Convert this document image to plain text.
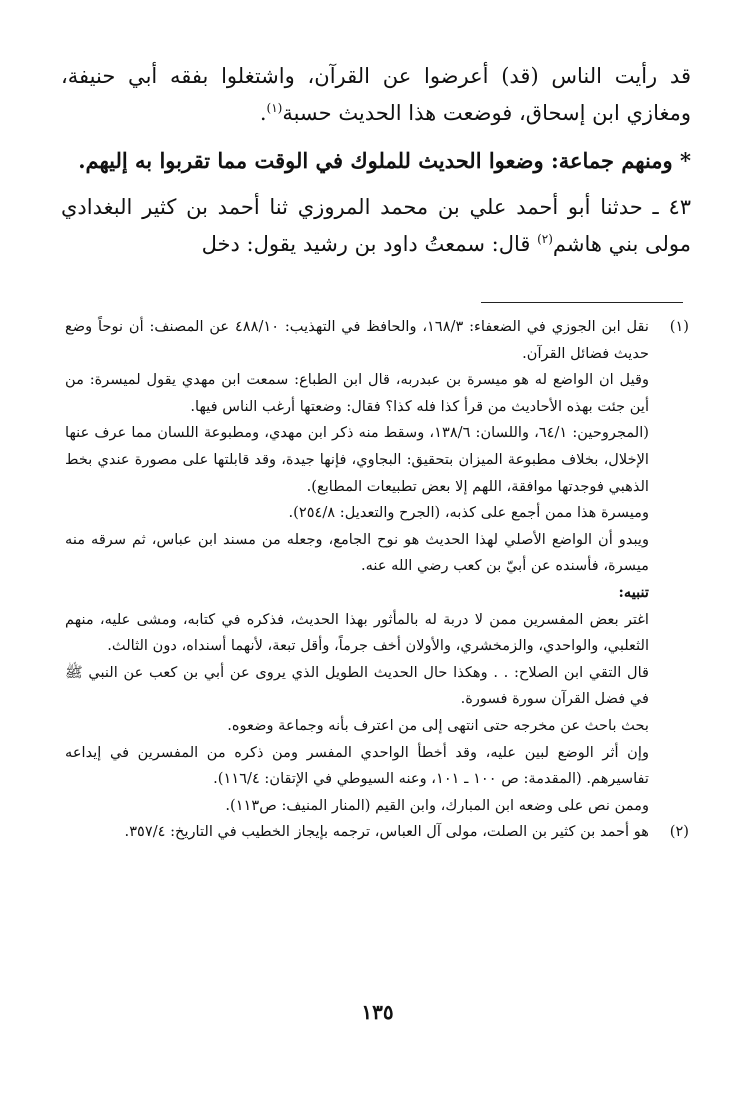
قد رأيت الناس (قد) أعرضوا عن القرآن، واشتغلوا بفقه أبي حنيفة، ومغازي ابن إسحاق، فوضعت هذا الحديث حسبة$^{(١)}$.

* ومنهم جماعة: وضعوا الحديث للملوك في الوقت مما تقربوا به إليهم.

٤٣ ـ حدثنا أبو أحمد علي بن محمد المروزي ثنا أحمد بن كثير البغدادي مولى بني هاشم$^{(٢)}$ قال: سمعتُ داود بن رشيد يقول: دخل

(١)

نقل ابن الجوزي في الضعفاء: ١٦٨/٣، والحافظ في التهذيب: ٤٨٨/١٠ عن المصنف: أن نوحاً وضع حديث فضائل القرآن.

وقيل ان الواضع له هو ميسرة بن عبدربه، قال ابن الطباع: سمعت ابن مهدي يقول لميسرة: من أين جئت بهذه الأحاديث من قرأ كذا فله كذا؟ فقال: وضعتها أرغب الناس فيها.

(المجروحين: ٦٤/١، واللسان: ١٣٨/٦، وسقط منه ذكر ابن مهدي، ومطبوعة اللسان مما عرف عنها الإخلال، بخلاف مطبوعة الميزان بتحقيق: البجاوي، فإنها جيدة، وقد قابلتها على مصورة عندي بخط الذهبي فوجدتها موافقة، اللهم إلا بعض تطبيعات المطابع).

وميسرة هذا ممن أجمع على كذبه، (الجرح والتعديل: ٢٥٤/٨).

ويبدو أن الواضع الأصلي لهذا الحديث هو نوح الجامع، وجعله من مسند ابن عباس، ثم سرقه منه ميسرة، فأسنده عن أبيّ بن كعب رضي الله عنه.

تنبيه:

اغتر بعض المفسرين ممن لا دربة له بالمأثور بهذا الحديث، فذكره في كتابه، ومشى عليه، منهم الثعلبي، والواحدي، والزمخشري، والأولان أخف جرماً، وأقل تبعة، لأنهما أسنداه، دون الثالث.

قال التقي ابن الصلاح: . . وهكذا حال الحديث الطويل الذي يروى عن أبي بن كعب عن النبي ﷺ في فضل القرآن سورة فسورة.

بحث باحث عن مخرجه حتى انتهى إلى من اعترف بأنه وجماعة وضعوه.

وإن أثر الوضع لبين عليه، وقد أخطأ الواحدي المفسر ومن ذكره من المفسرين في إيداعه تفاسيرهم. (المقدمة: ص ١٠٠ ـ ١٠١، وعنه السيوطي في الإتقان: ١١٦/٤).

وممن نص على وضعه ابن المبارك، وابن القيم (المنار المنيف: ص١١٣).

(٢)

هو أحمد بن كثير بن الصلت، مولى آل العباس، ترجمه بإيجاز الخطيب في التاريخ: ٣٥٧/٤.

١٣٥
